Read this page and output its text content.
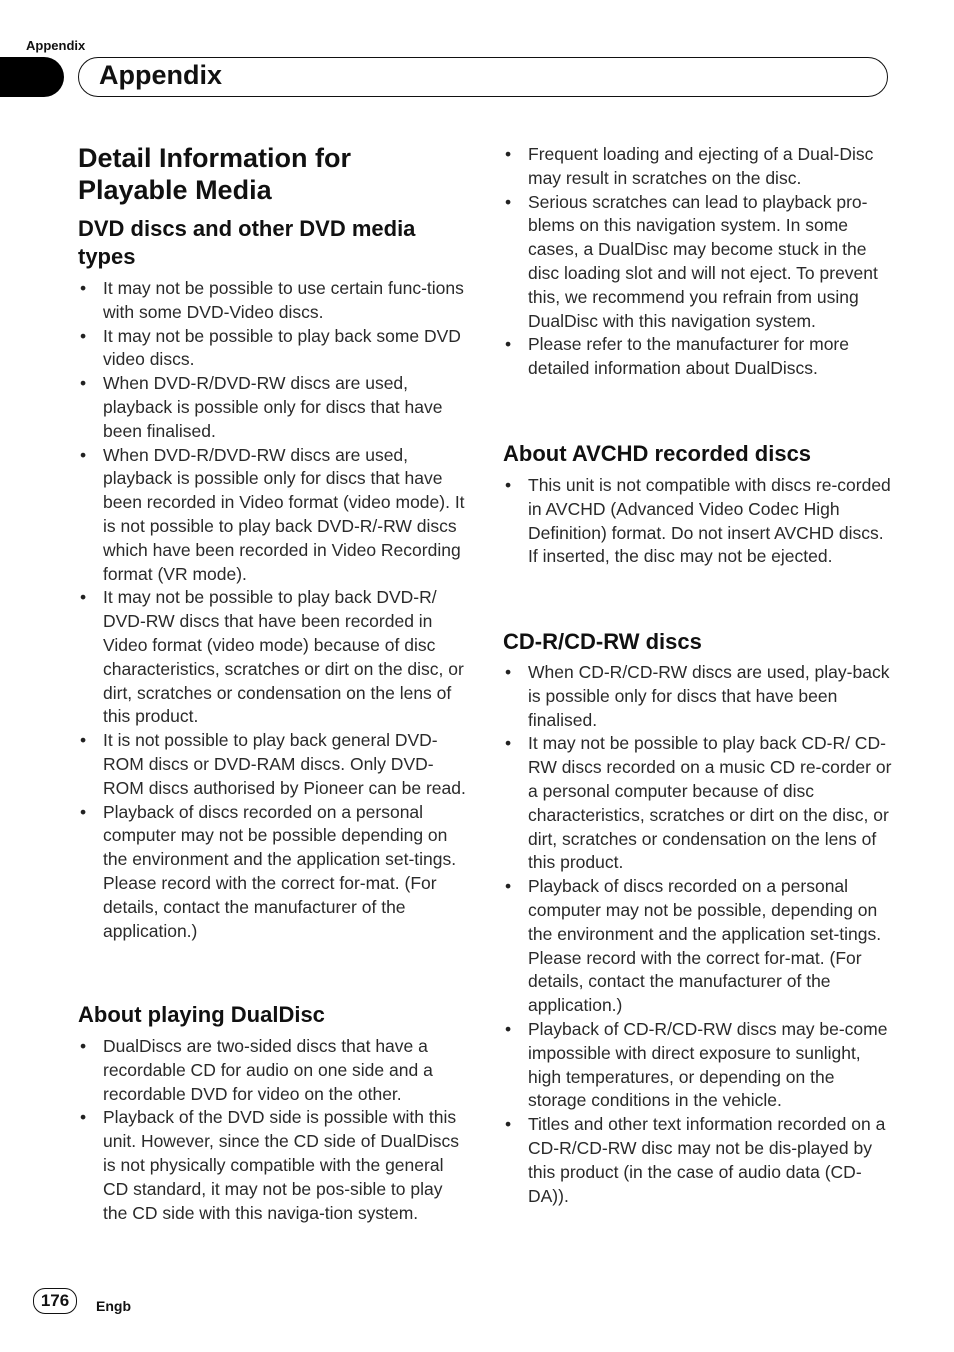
Appendix
Appendix
Detail Information for Playable Media
DVD discs and other DVD media types
• It may not be possible to use certain func-tions with some DVD-Video discs.
• It may not be possible to play back some DVD video discs.
• When DVD-R/DVD-RW discs are used, playback is possible only for discs that have been finalised.
• When DVD-R/DVD-RW discs are used, playback is possible only for discs that have been recorded in Video format (video mode). It is not possible to play back DVD-R/-RW discs which have been recorded in Video Recording format (VR mode).
• It may not be possible to play back DVD-R/ DVD-RW discs that have been recorded in Video format (video mode) because of disc characteristics, scratches or dirt on the disc, or dirt, scratches or condensation on the lens of this product.
• It is not possible to play back general DVD-ROM discs or DVD-RAM discs. Only DVD-ROM discs authorised by Pioneer can be read.
• Playback of discs recorded on a personal computer may not be possible depending on the environment and the application set-tings. Please record with the correct for-mat. (For details, contact the manufacturer of the application.)
About playing DualDisc
• DualDiscs are two-sided discs that have a recordable CD for audio on one side and a recordable DVD for video on the other.
• Playback of the DVD side is possible with this unit. However, since the CD side of DualDiscs is not physically compatible with the general CD standard, it may not be pos-sible to play the CD side with this naviga-tion system.
• Frequent loading and ejecting of a Dual-Disc may result in scratches on the disc.
• Serious scratches can lead to playback pro-blems on this navigation system. In some cases, a DualDisc may become stuck in the disc loading slot and will not eject. To prevent this, we recommend you refrain from using DualDisc with this navigation system.
• Please refer to the manufacturer for more detailed information about DualDiscs.
About AVCHD recorded discs
• This unit is not compatible with discs re-corded in AVCHD (Advanced Video Codec High Definition) format. Do not insert AVCHD discs. If inserted, the disc may not be ejected.
CD-R/CD-RW discs
• When CD-R/CD-RW discs are used, play-back is possible only for discs that have been finalised.
• It may not be possible to play back CD-R/ CD-RW discs recorded on a music CD re-corder or a personal computer because of disc characteristics, scratches or dirt on the disc, or dirt, scratches or condensation on the lens of this product.
• Playback of discs recorded on a personal computer may not be possible, depending on the environment and the application set-tings. Please record with the correct for-mat. (For details, contact the manufacturer of the application.)
• Playback of CD-R/CD-RW discs may be-come impossible with direct exposure to sunlight, high temperatures, or depending on the storage conditions in the vehicle.
• Titles and other text information recorded on a CD-R/CD-RW disc may not be dis-played by this product (in the case of audio data (CD-DA)).
176	Engb
